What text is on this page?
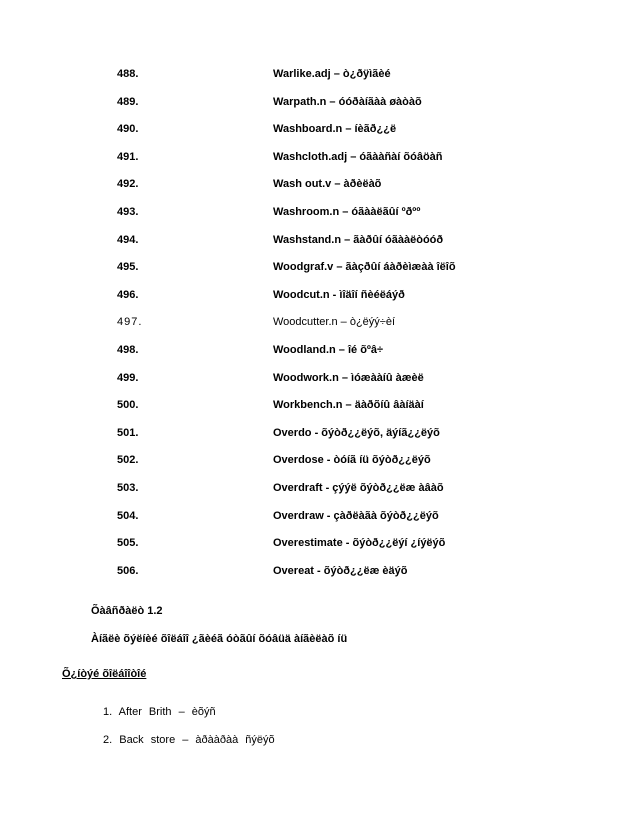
488.	Warlike.adj – ò¿ðÿìãèé
489.	Warpath.n – óóðàíãàà øàòàõ
490.	Washboard.n – íèãð¿¿ë
491.	Washcloth.adj – óãààñàí õóâöàñ
492.	Wash out.v – àðèëàõ
493.	Washroom.n – óãààëãûí ºðºº
494.	Washstand.n – ãàðûí óãààëòóóð
495.	Woodgraf.v – ãàçðûí áàðèìæàà îëîõ
496.	Woodcut.n - ìîäîí ñèéëáýð
497.	Woodcutter.n – ò¿ëýý÷èí
498.	Woodland.n – îé õºâ÷
499.	Woodwork.n – ìóæààíû àæèë
500.	Workbench.n – äàðõíû âàíäàí
501.	Overdo - õýòð¿¿ëýõ, äýíã¿¿ëýõ
502.	Overdose - òóíã íü õýòð¿¿ëýõ
503.	Overdraft - çýýë õýòð¿¿ëæ àâàõ
504.	Overdraw - çàðëàãà õýòð¿¿ëýõ
505.	Overestimate - õýòð¿¿ëýí ¿íýëýõ
506.	Overeat - õýòð¿¿ëæ èäýõ
Õàâñðàëò 1.2
Àíãëè õýëíèé õîëáîî ¿ãèéã óòãûí õóâüä àíãèëàõ íü
Õ¿íòýé õîëáîîòîé
1. After Brith – èõýñ
2. Back store – àðààðàà ñýëýõ
